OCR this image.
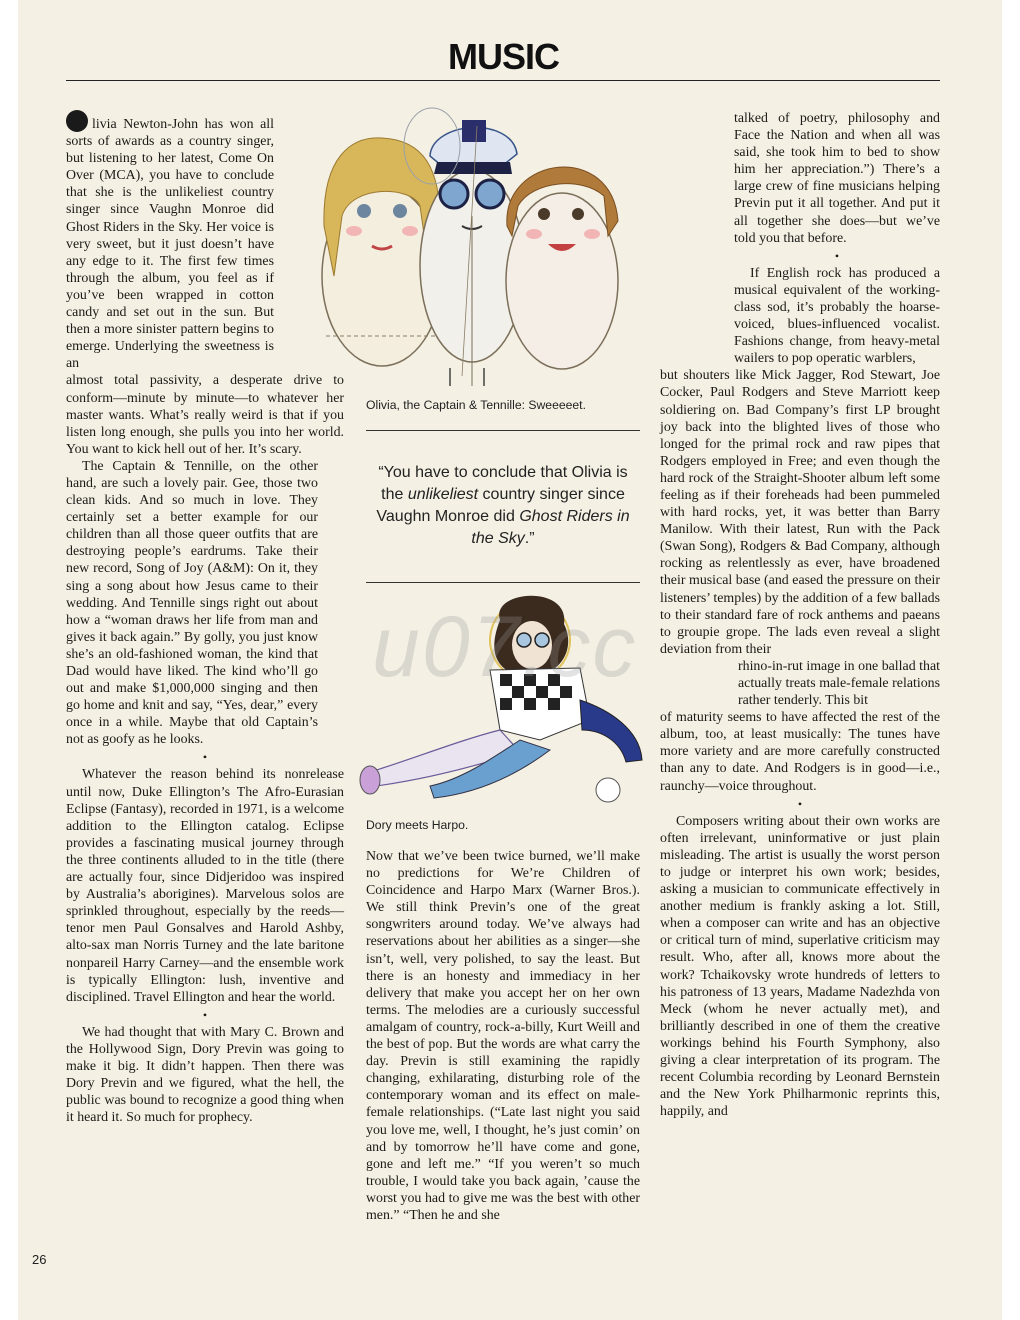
MUSIC
Olivia, the Captain & Tennille: Sweeeeet.
“You have to conclude that Olivia is the unlikeliest country singer since Vaughn Monroe did Ghost Riders in the Sky.”
Dory meets Harpo.

livia Newton-John has won all sorts of awards as a country singer, but listening to her latest, Come On Over (MCA), you have to conclude that she is the unlikeliest country singer since Vaughn Monroe did Ghost Riders in the Sky. Her voice is very sweet, but it just doesn’t have any edge to it. The first few times through the album, you feel as if you’ve been wrapped in cotton candy and set out in the sun. But then a more sinister pattern begins to emerge. Underlying the sweetness is an

almost total passivity, a desperate drive to conform—minute by minute—to whatever her master wants. What’s really weird is that if you listen long enough, she pulls you into her world. You want to kick hell out of her. It’s scary.

The Captain & Tennille, on the other hand, are such a lovely pair. Gee, those two clean kids. And so much in love. They certainly set a better example for our children than all those queer outfits that are destroying people’s eardrums. Take their new record, Song of Joy (A&M): On it, they sing a song about how Jesus came to their wedding. And Tennille sings right out about how a “woman draws her life from man and gives it back again.” By golly, you just know she’s an old-fashioned woman, the kind that Dad would have liked. The kind who’ll go out and make $1,000,000 singing and then go home and knit and say, “Yes, dear,” every once in a while. Maybe that old Captain’s not as goofy as he looks.

•

Whatever the reason behind its nonrelease until now, Duke Ellington’s The Afro-Eurasian Eclipse (Fantasy), recorded in 1971, is a welcome addition to the Ellington catalog. Eclipse provides a fascinating musical journey through the three continents alluded to in the title (there are actually four, since Didjeridoo was inspired by Australia’s aborigines). Marvelous solos are sprinkled throughout, especially by the reeds—tenor men Paul Gonsalves and Harold Ashby, alto-sax man Norris Turney and the late baritone nonpareil Harry Carney—and the ensemble work is typically Ellington: lush, inventive and disciplined. Travel Ellington and hear the world.

•

We had thought that with Mary C. Brown and the Hollywood Sign, Dory Previn was going to make it big. It didn’t happen. Then there was Dory Previn and we figured, what the hell, the public was bound to recognize a good thing when it heard it. So much for prophecy.

Now that we’ve been twice burned, we’ll make no predictions for We’re Children of Coincidence and Harpo Marx (Warner Bros.). We still think Previn’s one of the great songwriters around today. We’ve always had reservations about her abilities as a singer—she isn’t, well, very polished, to say the least. But there is an honesty and immediacy in her delivery that make you accept her on her own terms. The melodies are a curiously successful amalgam of country, rock-a-billy, Kurt Weill and the best of pop. But the words are what carry the day. Previn is still examining the rapidly changing, exhilarating, disturbing role of the contemporary woman and its effect on male-female relationships. (“Late last night you said you love me, well, I thought, he’s just comin’ on and by tomorrow he’ll have come and gone, gone and left me.” “If you weren’t so much trouble, I would take you back again, ’cause the worst you had to give me was the best with other men.” “Then he and she

talked of poetry, philosophy and Face the Nation and when all was said, she took him to bed to show him her appreciation.”) There’s a large crew of fine musicians helping Previn put it all together. And put it all together she does—but we’ve told you that before.

•

If English rock has produced a musical equivalent of the working-class sod, it’s probably the hoarse-voiced, blues-influenced vocalist. Fashions change, from heavy-metal wailers to pop operatic warblers,

but shouters like Mick Jagger, Rod Stewart, Joe Cocker, Paul Rodgers and Steve Marriott keep soldiering on. Bad Company’s first LP brought joy back into the blighted lives of those who longed for the primal rock and raw pipes that Rodgers employed in Free; and even though the hard rock of the Straight-Shooter album left some feeling as if their foreheads had been pummeled with hard rocks, yet, it was better than Barry Manilow. With their latest, Run with the Pack (Swan Song), Rodgers & Bad Company, although rocking as relentlessly as ever, have broadened their musical base (and eased the pressure on their listeners’ temples) by the addition of a few ballads to their standard fare of rock anthems and paeans to groupie grope. The lads even reveal a slight deviation from their

rhino-in-rut image in one ballad that actually treats male-female relations rather tenderly. This bit

of maturity seems to have affected the rest of the album, too, at least musically: The tunes have more variety and are more carefully constructed than any to date. And Rodgers is in good—i.e., raunchy—voice throughout.

•

Composers writing about their own works are often irrelevant, uninformative or just plain misleading. The artist is usually the worst person to judge or interpret his own work; besides, asking a musician to communicate effectively in another medium is frankly asking a lot. Still, when a composer can write and has an objective or critical turn of mind, superlative criticism may result. Who, after all, knows more about the work? Tchaikovsky wrote hundreds of letters to his patroness of 13 years, Madame Nadezhda von Meck (whom he never actually met), and brilliantly described in one of them the creative workings behind his Fourth Symphony, also giving a clear interpretation of its program. The recent Columbia recording by Leonard Bernstein and the New York Philharmonic reprints this, happily, and

u07.cc
26
